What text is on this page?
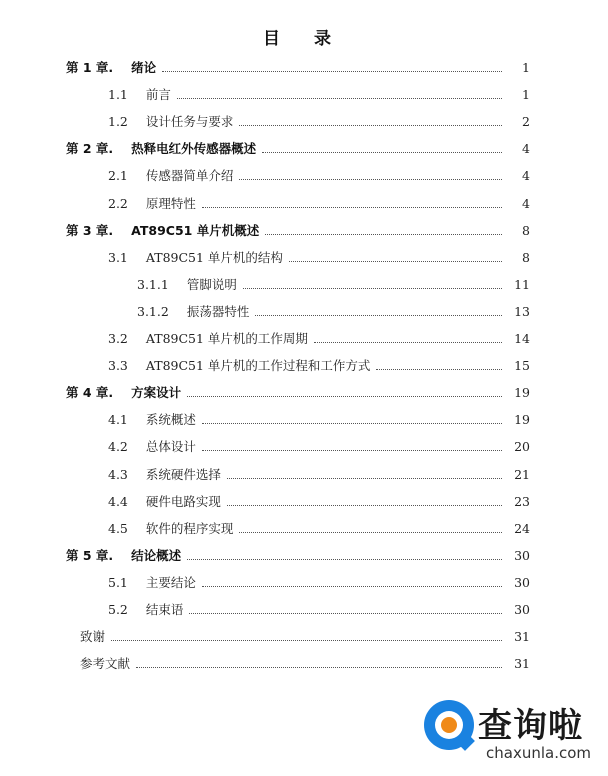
目 录
第 1 章. 绪论	1
1.1 前言	1
1.2 设计任务与要求	2
第 2 章. 热释电红外传感器概述	4
2.1 传感器简单介绍	4
2.2 原理特性	4
第 3 章. AT89C51 单片机概述	8
3.1 AT89C51 单片机的结构	8
3.1.1 管脚说明	11
3.1.2 振荡器特性	13
3.2 AT89C51 单片机的工作周期	14
3.3 AT89C51 单片机的工作过程和工作方式	15
第 4 章. 方案设计	19
4.1 系统概述	19
4.2 总体设计	20
4.3 系统硬件选择	21
4.4 硬件电路实现	23
4.5 软件的程序实现	24
第 5 章. 结论概述	30
5.1 主要结论	30
5.2 结束语	30
致谢	31
参考文献	31
查询啦
chaxunla.com
